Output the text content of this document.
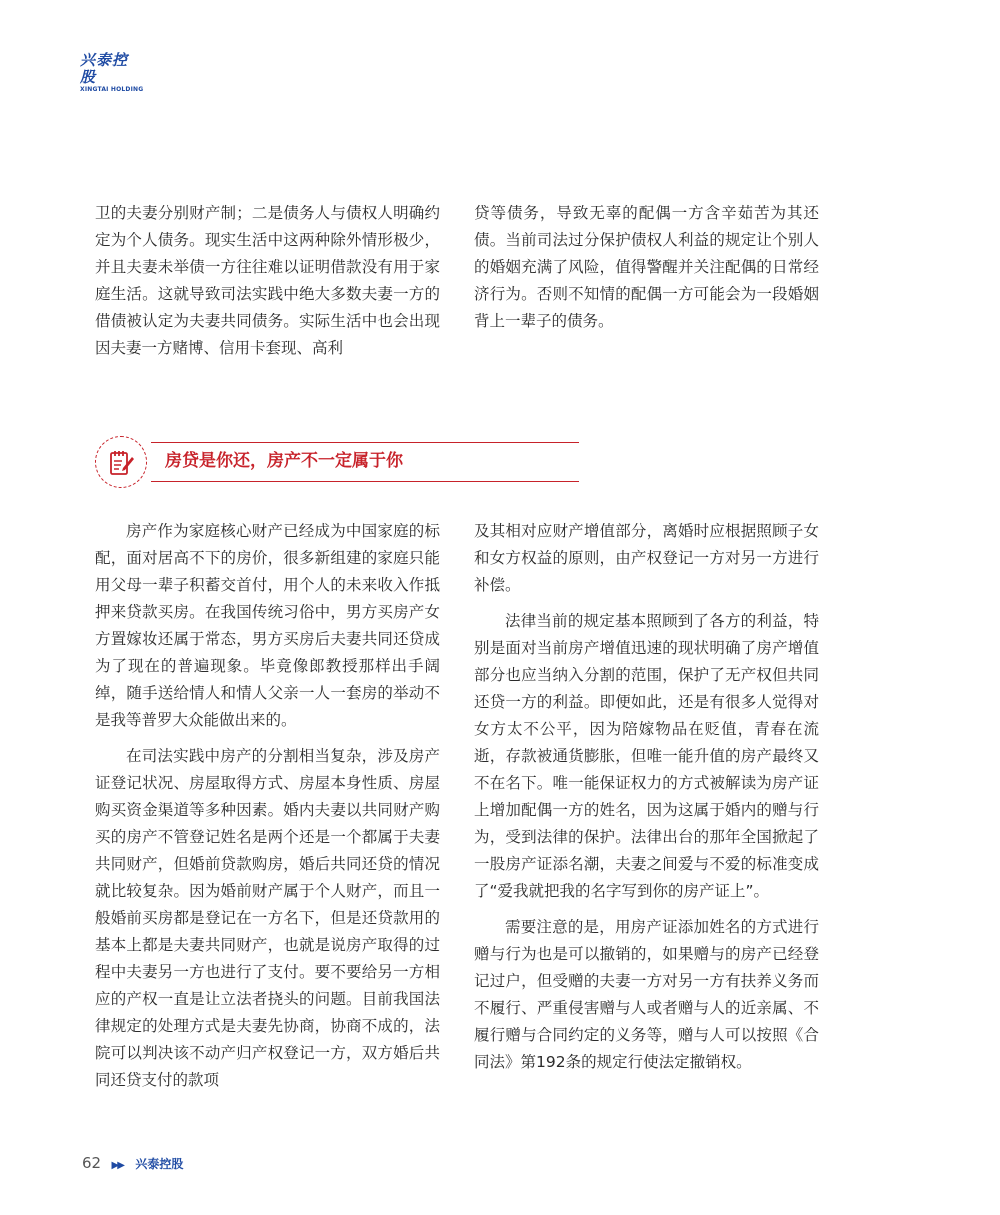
兴泰控股
XINGTAI HOLDING

卫的夫妻分别财产制；二是债务人与债权人明确约定为个人债务。现实生活中这两种除外情形极少，并且夫妻未举债一方往往难以证明借款没有用于家庭生活。这就导致司法实践中绝大多数夫妻一方的借债被认定为夫妻共同债务。实际生活中也会出现因夫妻一方赌博、信用卡套现、高利

贷等债务，导致无辜的配偶一方含辛茹苦为其还债。当前司法过分保护债权人利益的规定让个别人的婚姻充满了风险，值得警醒并关注配偶的日常经济行为。否则不知情的配偶一方可能会为一段婚姻背上一辈子的债务。

房贷是你还，房产不一定属于你

房产作为家庭核心财产已经成为中国家庭的标配，面对居高不下的房价，很多新组建的家庭只能用父母一辈子积蓄交首付，用个人的未来收入作抵押来贷款买房。在我国传统习俗中，男方买房产女方置嫁妆还属于常态，男方买房后夫妻共同还贷成为了现在的普遍现象。毕竟像郎教授那样出手阔绰，随手送给情人和情人父亲一人一套房的举动不是我等普罗大众能做出来的。

在司法实践中房产的分割相当复杂，涉及房产证登记状况、房屋取得方式、房屋本身性质、房屋购买资金渠道等多种因素。婚内夫妻以共同财产购买的房产不管登记姓名是两个还是一个都属于夫妻共同财产，但婚前贷款购房，婚后共同还贷的情况就比较复杂。因为婚前财产属于个人财产，而且一般婚前买房都是登记在一方名下，但是还贷款用的基本上都是夫妻共同财产，也就是说房产取得的过程中夫妻另一方也进行了支付。要不要给另一方相应的产权一直是让立法者挠头的问题。目前我国法律规定的处理方式是夫妻先协商，协商不成的，法院可以判决该不动产归产权登记一方，双方婚后共同还贷支付的款项

及其相对应财产增值部分，离婚时应根据照顾子女和女方权益的原则，由产权登记一方对另一方进行补偿。

法律当前的规定基本照顾到了各方的利益，特别是面对当前房产增值迅速的现状明确了房产增值部分也应当纳入分割的范围，保护了无产权但共同还贷一方的利益。即便如此，还是有很多人觉得对女方太不公平，因为陪嫁物品在贬值，青春在流逝，存款被通货膨胀，但唯一能升值的房产最终又不在名下。唯一能保证权力的方式被解读为房产证上增加配偶一方的姓名，因为这属于婚内的赠与行为，受到法律的保护。法律出台的那年全国掀起了一股房产证添名潮，夫妻之间爱与不爱的标准变成了“爱我就把我的名字写到你的房产证上”。

需要注意的是，用房产证添加姓名的方式进行赠与行为也是可以撤销的，如果赠与的房产已经登记过户，但受赠的夫妻一方对另一方有扶养义务而不履行、严重侵害赠与人或者赠与人的近亲属、不履行赠与合同约定的义务等，赠与人可以按照《合同法》第192条的规定行使法定撤销权。

62 ▶▶ 兴泰控股
